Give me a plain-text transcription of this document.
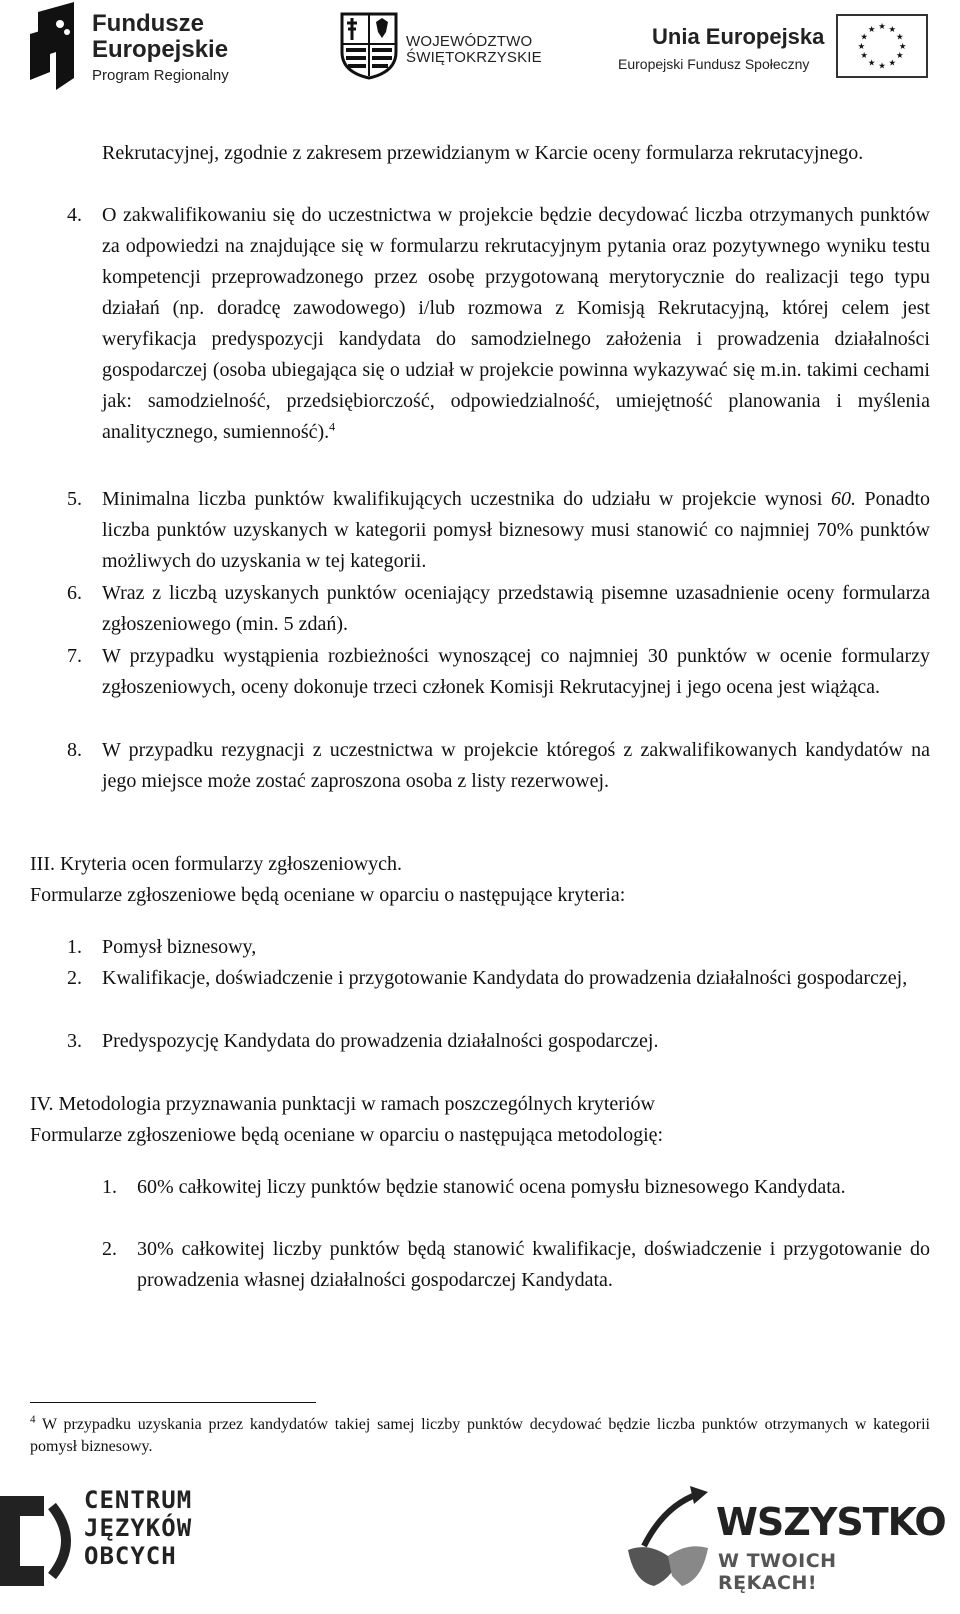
Fundusze
Europejskie
Program Regionalny
WOJEWÓDZTWO
ŚWIĘTOKRZYSKIE
Unia Europejska
Europejski Fundusz Społeczny
★ ★
★
★
★
★
★
★
★
★
★
★
Rekrutacyjnej, zgodnie z zakresem przewidzianym w Karcie oceny formularza rekrutacyjnego.
4. O zakwalifikowaniu się do uczestnictwa w projekcie będzie decydować liczba otrzymanych punktów za odpowiedzi na znajdujące się w formularzu rekrutacyjnym pytania oraz pozytywnego wyniku testu kompetencji przeprowadzonego przez osobę przygotowaną merytorycznie do realizacji tego typu działań (np. doradcę zawodowego) i/lub rozmowa z Komisją Rekrutacyjną, której celem jest weryfikacja predyspozycji kandydata do samodzielnego założenia i prowadzenia działalności gospodarczej (osoba ubiegająca się o udział w projekcie powinna wykazywać się m.in. takimi cechami jak: samodzielność, przedsiębiorczość, odpowiedzialność, umiejętność planowania i myślenia analitycznego, sumienność).$^4$
5. Minimalna liczba punktów kwalifikujących uczestnika do udziału w projekcie wynosi 60. Ponadto liczba punktów uzyskanych w kategorii pomysł biznesowy musi stanowić co najmniej 70% punktów możliwych do uzyskania w tej kategorii.
6. Wraz z liczbą uzyskanych punktów oceniający przedstawią pisemne uzasadnienie oceny formularza zgłoszeniowego (min. 5 zdań).
7. W przypadku wystąpienia rozbieżności wynoszącej co najmniej 30 punktów w ocenie formularzy zgłoszeniowych, oceny dokonuje trzeci członek Komisji Rekrutacyjnej i jego ocena jest wiążąca.
8. W przypadku rezygnacji z uczestnictwa w projekcie któregoś z zakwalifikowanych kandydatów na jego miejsce może zostać zaproszona osoba z listy rezerwowej.
III. Kryteria ocen formularzy zgłoszeniowych.
Formularze zgłoszeniowe będą oceniane w oparciu o następujące kryteria:
1. Pomysł biznesowy,
2. Kwalifikacje, doświadczenie i przygotowanie Kandydata do prowadzenia działalności gospodarczej,
3. Predyspozycję Kandydata do prowadzenia działalności gospodarczej.
IV. Metodologia przyznawania punktacji w ramach poszczególnych kryteriów
Formularze zgłoszeniowe będą oceniane w oparciu o następująca metodologię:
1. 60% całkowitej liczy punktów będzie stanowić ocena pomysłu biznesowego Kandydata.
2. 30% całkowitej liczby punktów będą stanowić kwalifikacje, doświadczenie i przygotowanie do prowadzenia własnej działalności gospodarczej Kandydata.
$^4$ W przypadku uzyskania przez kandydatów takiej samej liczby punktów decydować będzie liczba punktów otrzymanych w kategorii pomysł biznesowy.
CENTRUM
JĘZYKÓW
OBCYCH
WSZYSTKO
W TWOICH RĘKACH!
